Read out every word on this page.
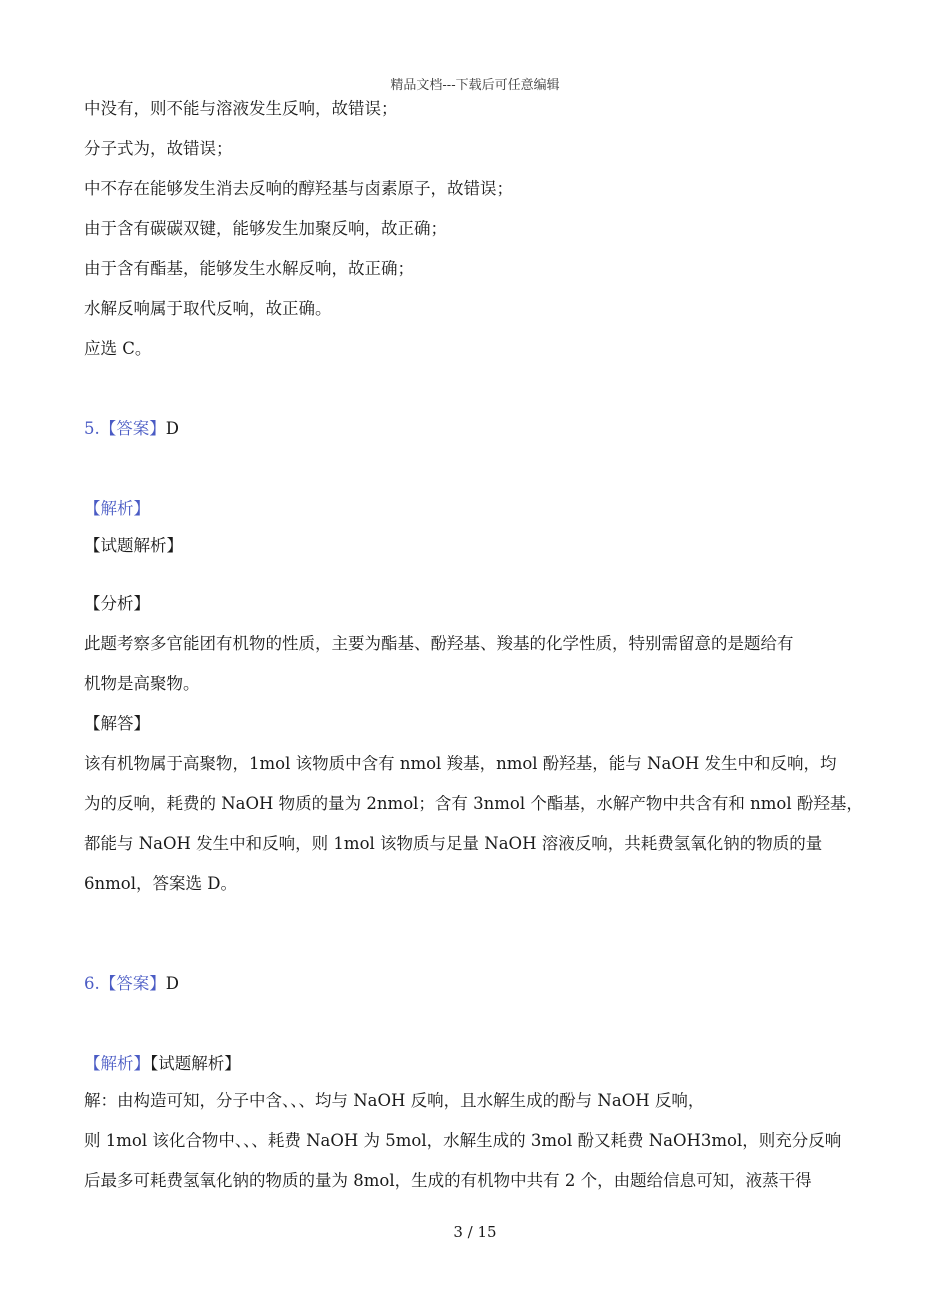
精品文档---下载后可任意编辑
中没有，则不能与溶液发生反响，故错误；
分子式为，故错误；
中不存在能够发生消去反响的醇羟基与卤素原子，故错误；
由于含有碳碳双键，能够发生加聚反响，故正确；
由于含有酯基，能够发生水解反响，故正确；
水解反响属于取代反响，故正确。
应选 C。
5.【答案】D
【解析】
【试题解析】
【分析】
此题考察多官能团有机物的性质，主要为酯基、酚羟基、羧基的化学性质，特别需留意的是题给有
机物是高聚物。
【解答】
该有机物属于高聚物，1mol 该物质中含有 nmol 羧基，nmol 酚羟基，能与 NaOH 发生中和反响，均
为的反响，耗费的 NaOH 物质的量为 2nmol；含有 3nmol 个酯基，水解产物中共含有和 nmol 酚羟基，
都能与 NaOH 发生中和反响，则 1mol 该物质与足量 NaOH 溶液反响，共耗费氢氧化钠的物质的量
6nmol，答案选 D。
6.【答案】D
【解析】【试题解析】
解：由构造可知，分子中含、、、均与 NaOH 反响，且水解生成的酚与 NaOH 反响，
则 1mol 该化合物中、、、耗费 NaOH 为 5mol，水解生成的 3mol 酚又耗费 NaOH3mol，则充分反响
后最多可耗费氢氧化钠的物质的量为 8mol，生成的有机物中共有 2 个，由题给信息可知，液蒸干得
3 / 15
